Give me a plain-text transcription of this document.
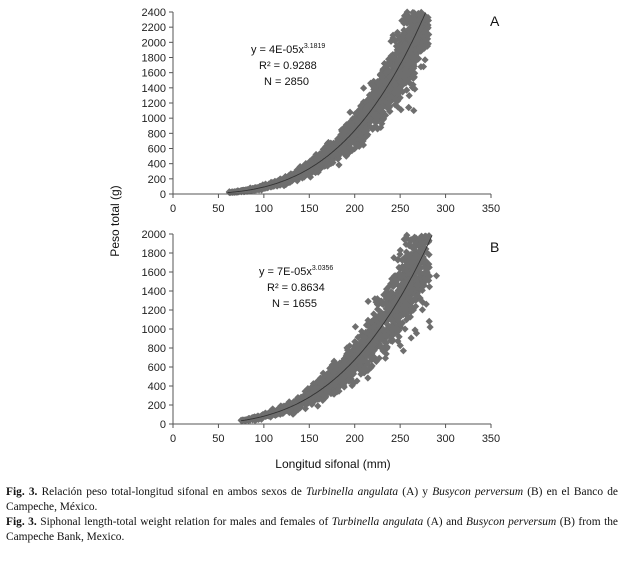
Peso total (g)	0
200
400
600
800
1000
1200
1400
1600
1800
2000
2200
2400
0	50	100 150 200 250 300 350
$y = 4E-05x^{3.1819}$
R² = 0.9288
N = 2850
A
0
200
400
600
800
1000
1200
1400
1600
1800
2000
0	50	100 150 200 250 300 350
$y = 7E-05x^{3.0356}$
R² = 0.8634
N = 1655
B
Longitud sifonal (mm)
Fig. 3. Relación peso total-longitud sifonal en ambos sexos de Turbinella angulata (A) y Busycon perversum (B) en el Banco de Campeche, México.
Fig. 3. Siphonal length-total weight relation for males and females of Turbinella angulata (A) and Busycon perversum (B) from the Campeche Bank, Mexico.
